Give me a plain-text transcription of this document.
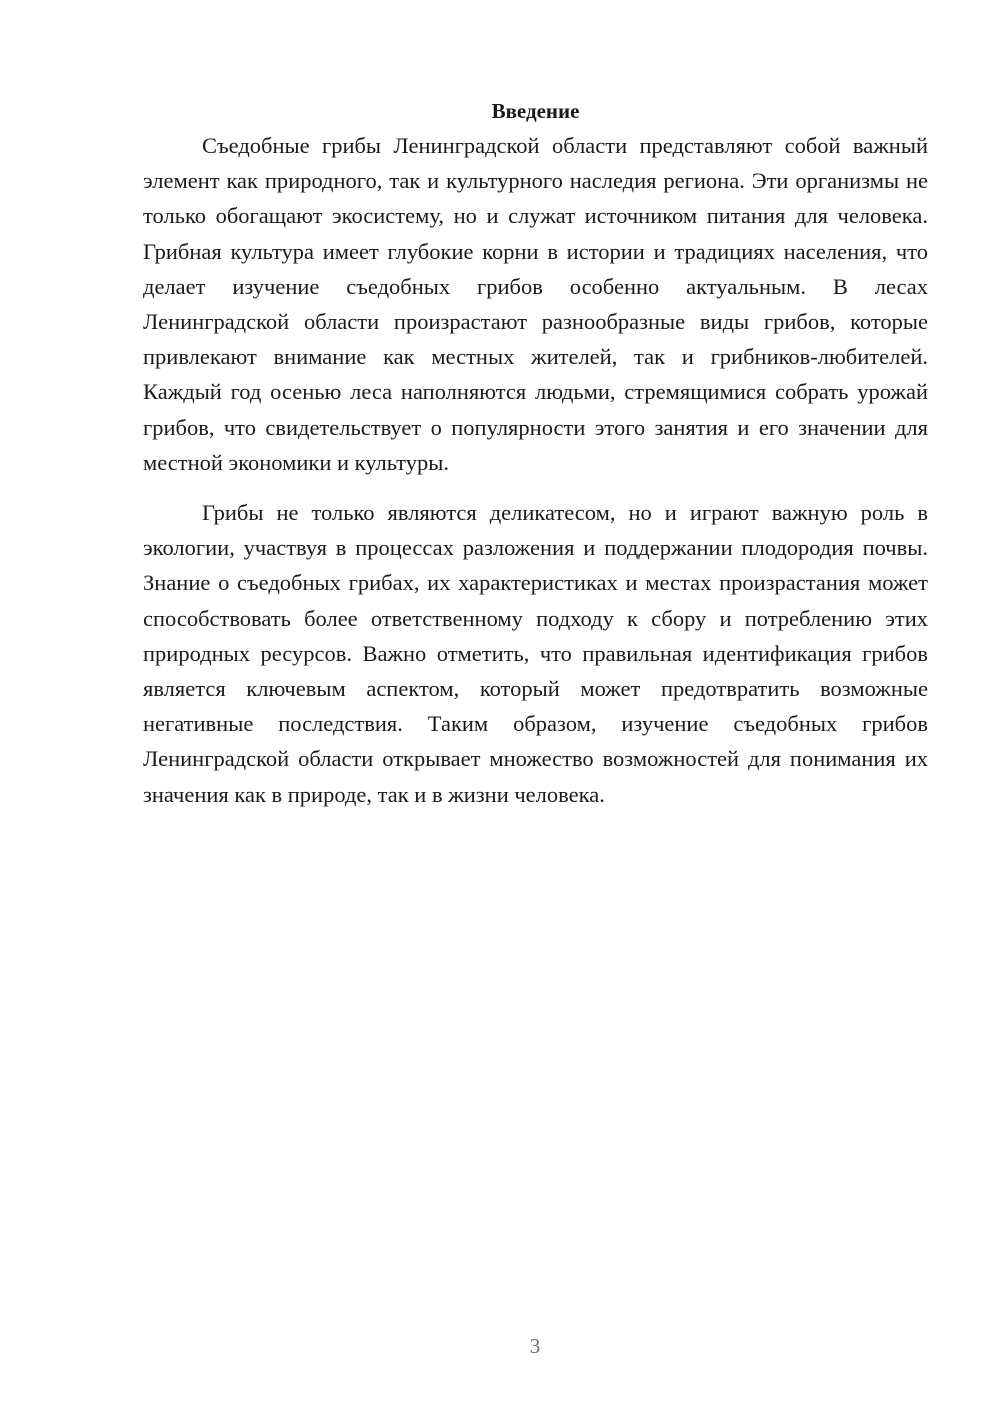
Введение

Съедобные грибы Ленинградской области представляют собой важный элемент как природного, так и культурного наследия региона. Эти организмы не только обогащают экосистему, но и служат источником питания для человека. Грибная культура имеет глубокие корни в истории и традициях населения, что делает изучение съедобных грибов особенно актуальным. В лесах Ленинградской области произрастают разнообразные виды грибов, которые привлекают внимание как местных жителей, так и грибников-любителей. Каждый год осенью леса наполняются людьми, стремящимися собрать урожай грибов, что свидетельствует о популярности этого занятия и его значении для местной экономики и культуры.

Грибы не только являются деликатесом, но и играют важную роль в экологии, участвуя в процессах разложения и поддержании плодородия почвы. Знание о съедобных грибах, их характеристиках и местах произрастания может способствовать более ответственному подходу к сбору и потреблению этих природных ресурсов. Важно отметить, что правильная идентификация грибов является ключевым аспектом, который может предотвратить возможные негативные последствия. Таким образом, изучение съедобных грибов Ленинградской области открывает множество возможностей для понимания их значения как в природе, так и в жизни человека.

3
